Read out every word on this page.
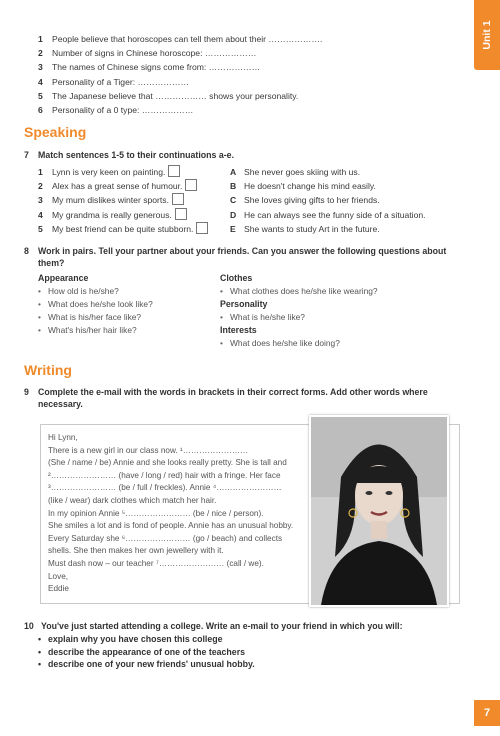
Unit 1
1	People believe that horoscopes can tell them about their ……………….
2	Number of signs in Chinese horoscope: ………………
3	The names of Chinese signs come from: ………………
4	Personality of a Tiger: ………………
5	The Japanese believe that ……………… shows your personality.
6	Personality of a 0 type: ………………
Speaking
7 Match sentences 1-5 to their continuations a-e.
1	Lynn is very keen on painting.
2	Alex has a great sense of humour.
3	My mum dislikes winter sports.
4	My grandma is really generous.
5	My best friend can be quite stubborn.
A She never goes skiing with us.
B He doesn't change his mind easily.
C She loves giving gifts to her friends.
D He can always see the funny side of a situation.
E She wants to study Art in the future.
8 Work in pairs. Tell your partner about your friends. Can you answer the following questions about
them?
Appearance
• How old is he/she?
• What does he/she look like?
• What is his/her face like?
• What's his/her hair like?
Clothes
• What clothes does he/she like wearing?
Personality
• What is he/she like?
Interests
• What does he/she like doing?
Writing
9 Complete the e-mail with the words in brackets in their correct forms. Add other words where
necessary.
Hi Lynn,
There is a new girl in our class now. ¹……………………
(She / name / be) Annie and she looks really pretty. She is tall and
²…………………… (have / long / red) hair with a fringe. Her face
³…………………… (be / full / freckles). Annie ⁴……………………
(like / wear) dark clothes which match her hair.
In my opinion Annie ⁵…………………… (be / nice / person).
She smiles a lot and is fond of people. Annie has an unusual hobby.
Every Saturday she ⁶…………………… (go / beach) and collects
shells. She then makes her own jewellery with it.
Must dash now – our teacher ⁷…………………… (call / we).
Love,
Eddie
10 You've just started attending a college. Write an e-mail to your friend in which you will:
• explain why you have chosen this college
• describe the appearance of one of the teachers
• describe one of your new friends' unusual hobby.
7
